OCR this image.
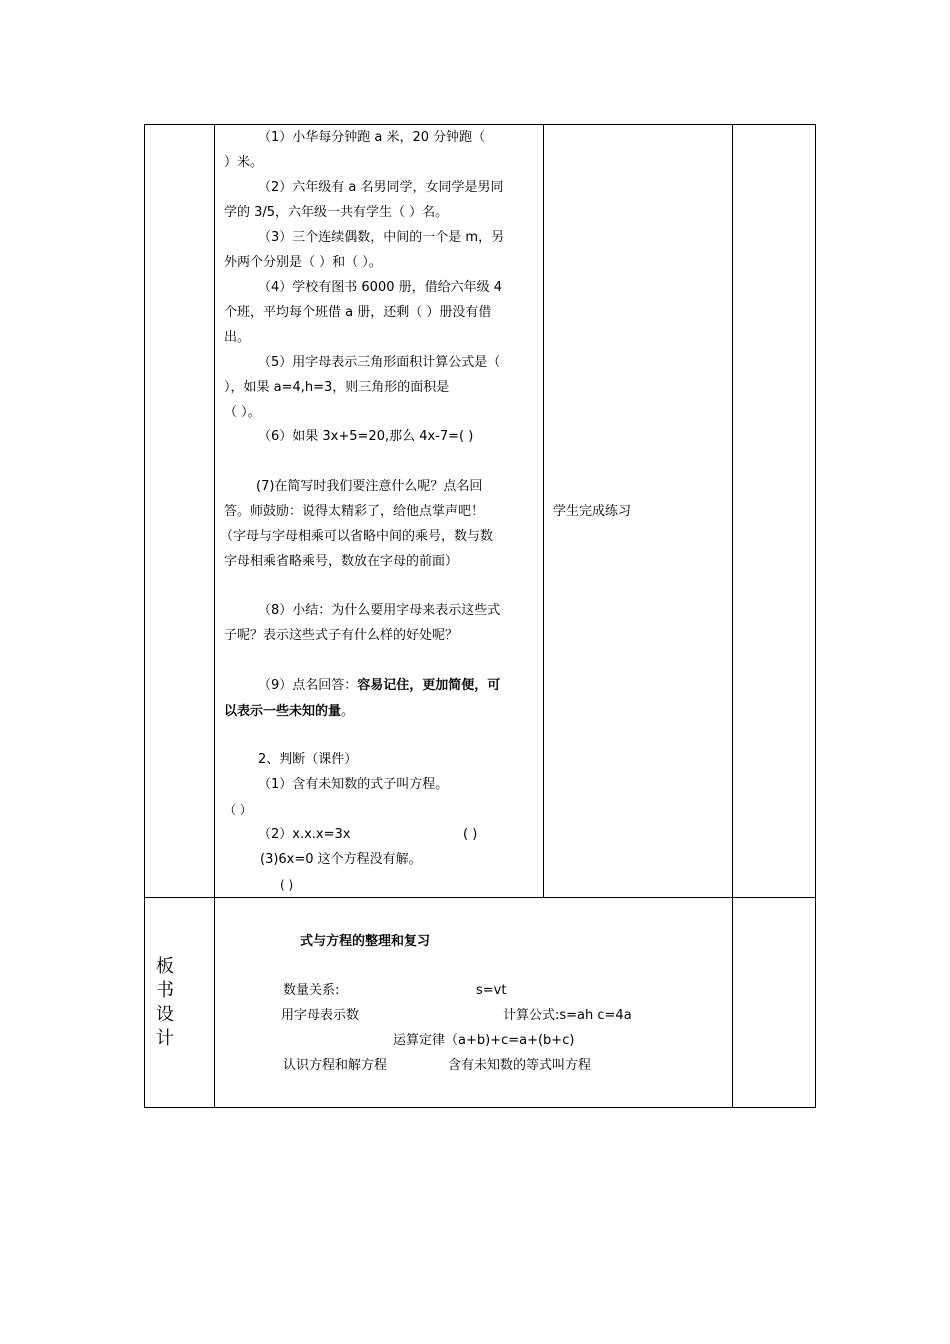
（1）小华每分钟跑 a 米，20 分钟跑（
）米。
（2）六年级有 a 名男同学，女同学是男同
学的 3/5，六年级一共有学生（ ）名。
（3）三个连续偶数，中间的一个是 m，另
外两个分别是（ ）和（ ）。
（4）学校有图书 6000 册，借给六年级 4
个班，平均每个班借 a 册，还剩（ ）册没有借
出。
（5）用字母表示三角形面积计算公式是（
），如果 a=4,h=3，则三角形的面积是
（ ）。
（6）如果 3x+5=20,那么 4x-7=( )
(7)在简写时我们要注意什么呢？点名回
答。师鼓励：说得太精彩了，给他点掌声吧！
（字母与字母相乘可以省略中间的乘号，数与数
字母相乘省略乘号，数放在字母的前面）
（8）小结：为什么要用字母来表示这些式
子呢？表示这些式子有什么样的好处呢？
（9）点名回答：容易记住，更加简便，可
以表示一些未知的量。
2、判断（课件）
（1）含有未知数的式子叫方程。
（ ）
（2）x.x.x=3x	( )
(3)6x=0 这个方程没有解。
( )
学生完成练习
板
书
设
计
式与方程的整理和复习
数量关系:	s=vt
用字母表示数	计算公式:s=ah c=4a
运算定律（a+b)+c=a+(b+c)
认识方程和解方程	含有未知数的等式叫方程
